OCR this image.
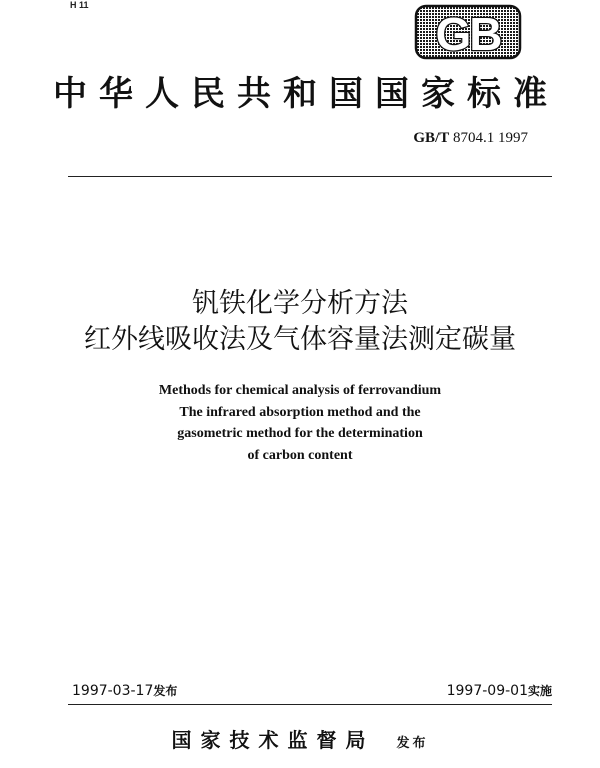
H 11
GB
中华人民共和国国家标准
GB/T 8704.1 1997
钒铁化学分析方法
红外线吸收法及气体容量法测定碳量
Methods for chemical analysis of ferrovandium
The infrared absorption method and the
gasometric method for the determination
of carbon content
1997-03-17发布	1997-09-01实施
国家技术监督局 发布
